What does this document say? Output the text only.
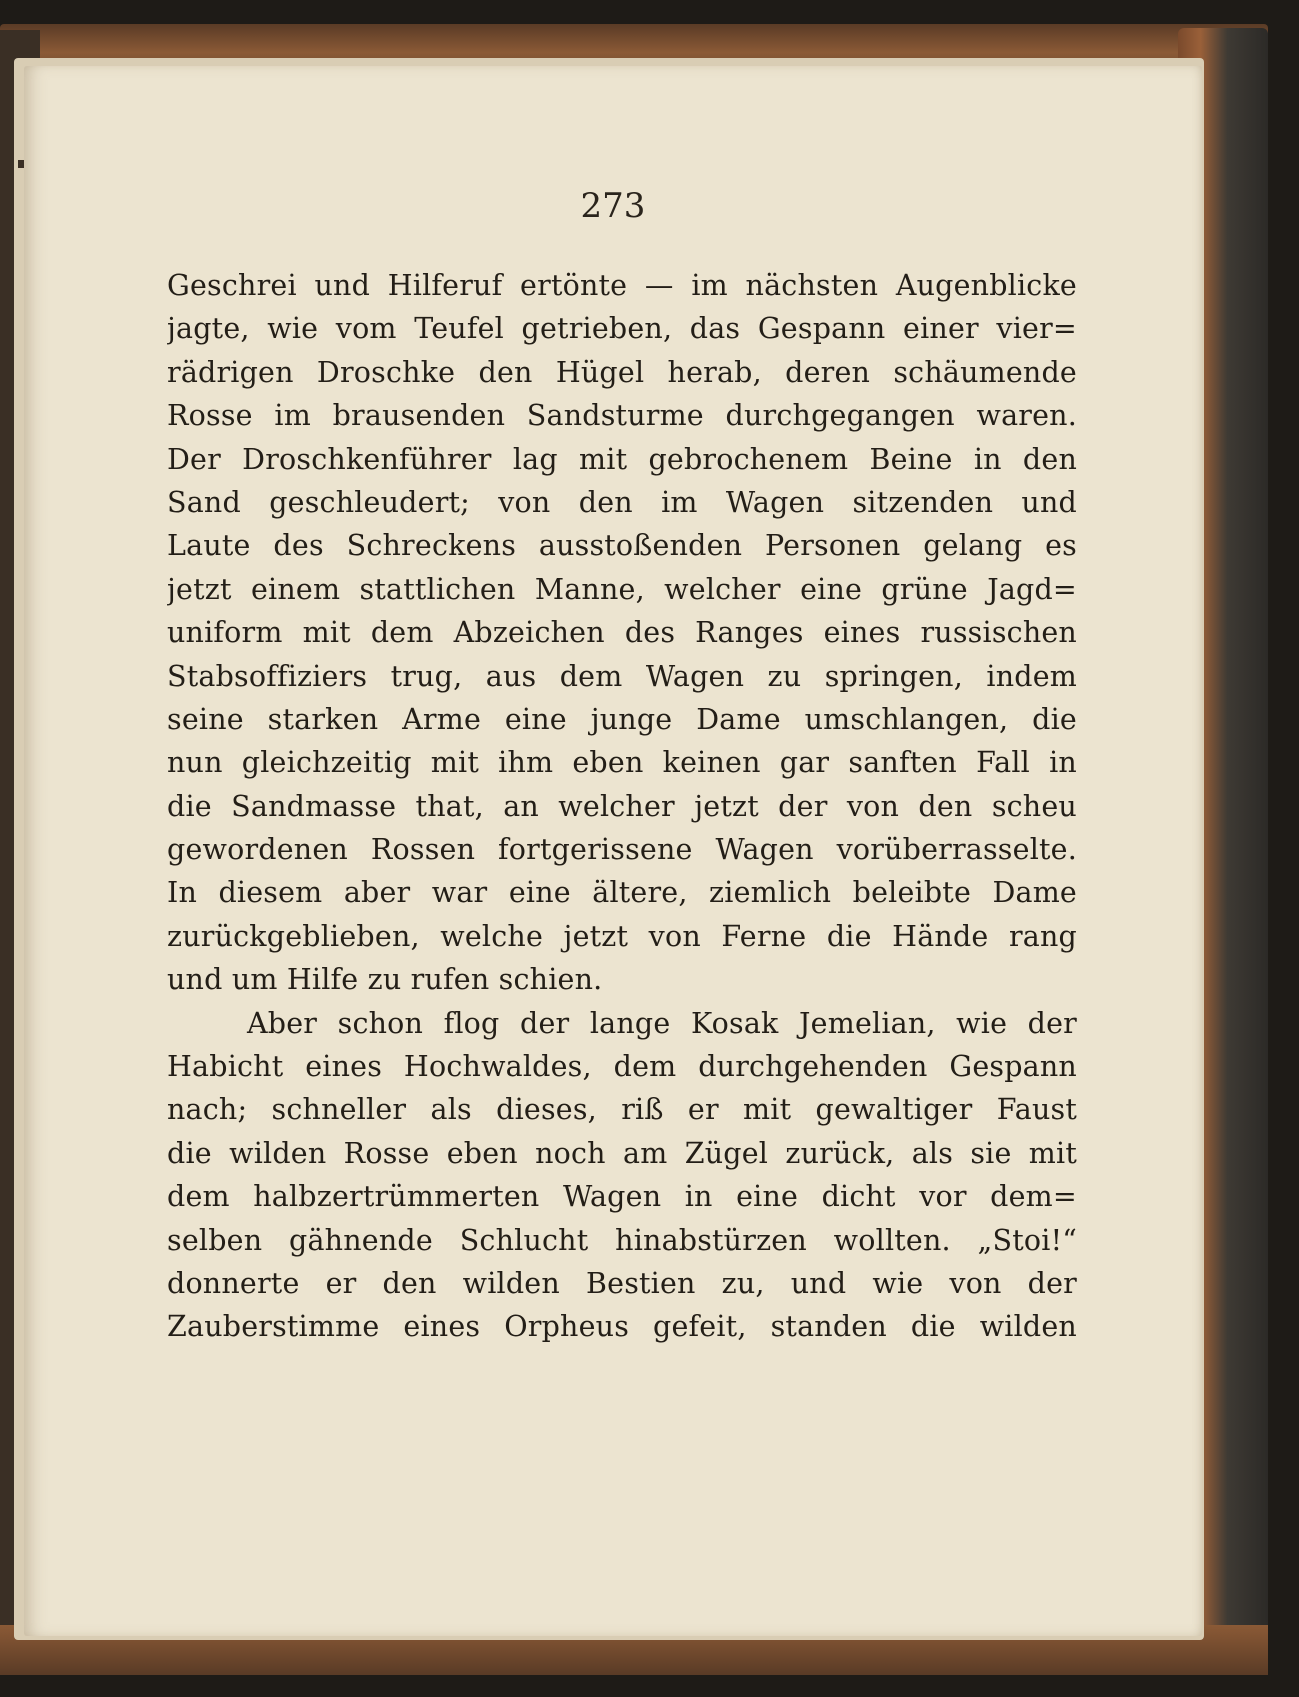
273
Geschrei und Hilferuf ertönte — im nächsten Augenblicke
jagte, wie vom Teufel getrieben, das Gespann einer vier=
rädrigen Droschke den Hügel herab, deren schäumende
Rosse im brausenden Sandsturme durchgegangen waren.
Der Droschkenführer lag mit gebrochenem Beine in den
Sand geschleudert; von den im Wagen sitzenden und
Laute des Schreckens ausstoßenden Personen gelang es
jetzt einem stattlichen Manne, welcher eine grüne Jagd=
uniform mit dem Abzeichen des Ranges eines russischen
Stabsoffiziers trug, aus dem Wagen zu springen, indem
seine starken Arme eine junge Dame umschlangen, die
nun gleichzeitig mit ihm eben keinen gar sanften Fall in
die Sandmasse that, an welcher jetzt der von den scheu
gewordenen Rossen fortgerissene Wagen vorüberrasselte.
In diesem aber war eine ältere, ziemlich beleibte Dame
zurückgeblieben, welche jetzt von Ferne die Hände rang
und um Hilfe zu rufen schien.
Aber schon flog der lange Kosak Jemelian, wie der
Habicht eines Hochwaldes, dem durchgehenden Gespann
nach; schneller als dieses, riß er mit gewaltiger Faust
die wilden Rosse eben noch am Zügel zurück, als sie mit
dem halbzertrümmerten Wagen in eine dicht vor dem=
selben gähnende Schlucht hinabstürzen wollten. „Stoi!“
donnerte er den wilden Bestien zu, und wie von der
Zauberstimme eines Orpheus gefeit, standen die wilden
